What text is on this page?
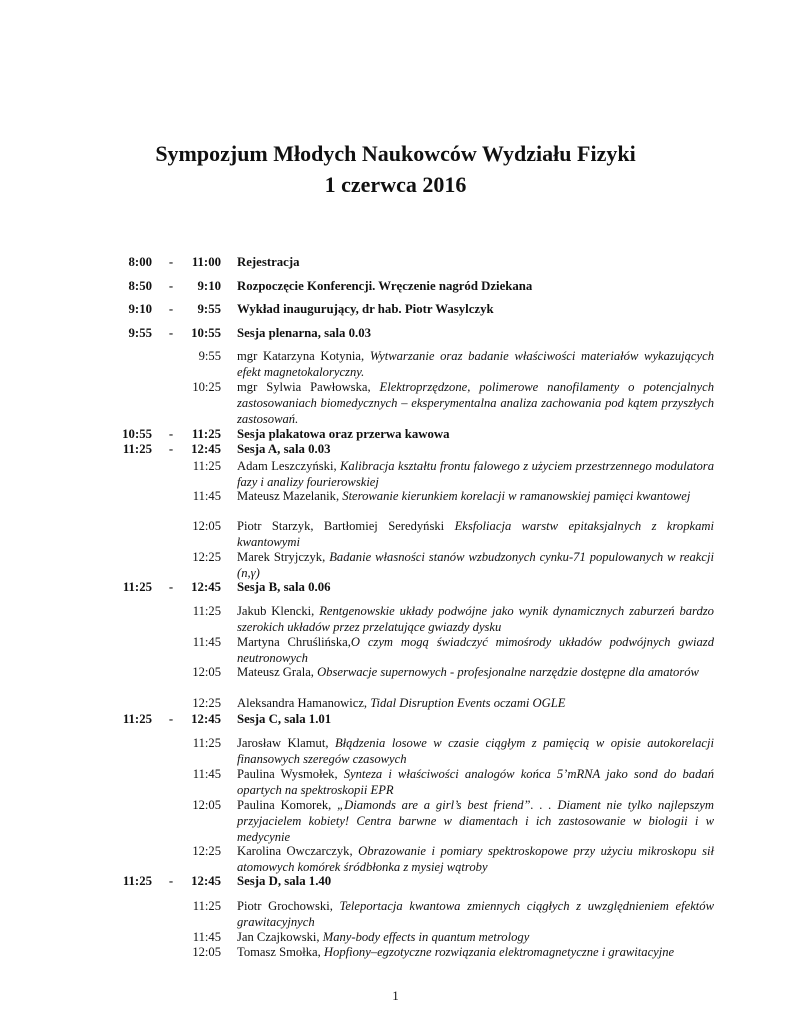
Sympozjum Młodych Naukowców Wydziału Fizyki
1 czerwca 2016
8:00 -	11:00 Rejestracja
8:50 -	9:10 Rozpoczęcie Konferencji. Wręczenie nagród Dziekana
9:10 -	9:55 Wykład inaugurujący, dr hab. Piotr Wasylczyk
9:55 -	10:55 Sesja plenarna, sala 0.03
9:55 mgr Katarzyna Kotynia, Wytwarzanie oraz badanie właściwości materiałów wykazujących efekt magnetokaloryczny.
10:25 mgr Sylwia Pawłowska, Elektroprzędzone, polimerowe nanofilamenty o potencjalnych zastosowaniach biomedycznych – eksperymentalna analiza zachowania pod kątem przyszłych zastosowań.
10:55 -	11:25 Sesja plakatowa oraz przerwa kawowa
11:25 -	12:45 Sesja A, sala 0.03
11:25 Adam Leszczyński, Kalibracja kształtu frontu falowego z użyciem przestrzennego modulatora fazy i analizy fourierowskiej
11:45 Mateusz Mazelanik, Sterowanie kierunkiem korelacji w ramanowskiej pamięci kwantowej
12:05 Piotr Starzyk, Bartłomiej Seredyński Eksfoliacja warstw epitaksjalnych z kropkami kwantowymi
12:25 Marek Stryjczyk, Badanie własności stanów wzbudzonych cynku-71 populowanych w reakcji (n,γ)
11:25 -	12:45 Sesja B, sala 0.06
11:25 Jakub Klencki, Rentgenowskie układy podwójne jako wynik dynamicznych zaburzeń bardzo szerokich układów przez przelatujące gwiazdy dysku
11:45 Martyna Chruślińska,O czym mogą świadczyć mimośrody układów podwójnych gwiazd neutronowych
12:05 Mateusz Grala, Obserwacje supernowych - profesjonalne narzędzie dostępne dla amatorów
12:25 Aleksandra Hamanowicz, Tidal Disruption Events oczami OGLE
11:25 -	12:45 Sesja C, sala 1.01
11:25 Jarosław Klamut, Błądzenia losowe w czasie ciągłym z pamięcią w opisie autokorelacji finansowych szeregów czasowych
11:45 Paulina Wysmołek, Synteza i właściwości analogów końca 5’mRNA jako sond do badań opartych na spektroskopii EPR
12:05 Paulina Komorek, „Diamonds are a girl’s best friend”. . . Diament nie tylko najlepszym przyjacielem kobiety! Centra barwne w diamentach i ich zastosowanie w biologii i w medycynie
12:25 Karolina Owczarczyk, Obrazowanie i pomiary spektroskopowe przy użyciu mikroskopu sił atomowych komórek śródbłonka z mysiej wątroby
11:25 -	12:45 Sesja D, sala 1.40
11:25 Piotr Grochowski, Teleportacja kwantowa zmiennych ciągłych z uwzględnieniem efektów grawitacyjnych
11:45 Jan Czajkowski, Many-body effects in quantum metrology
12:05 Tomasz Smołka, Hopfiony–egzotyczne rozwiązania elektromagnetyczne i grawitacyjne
1
